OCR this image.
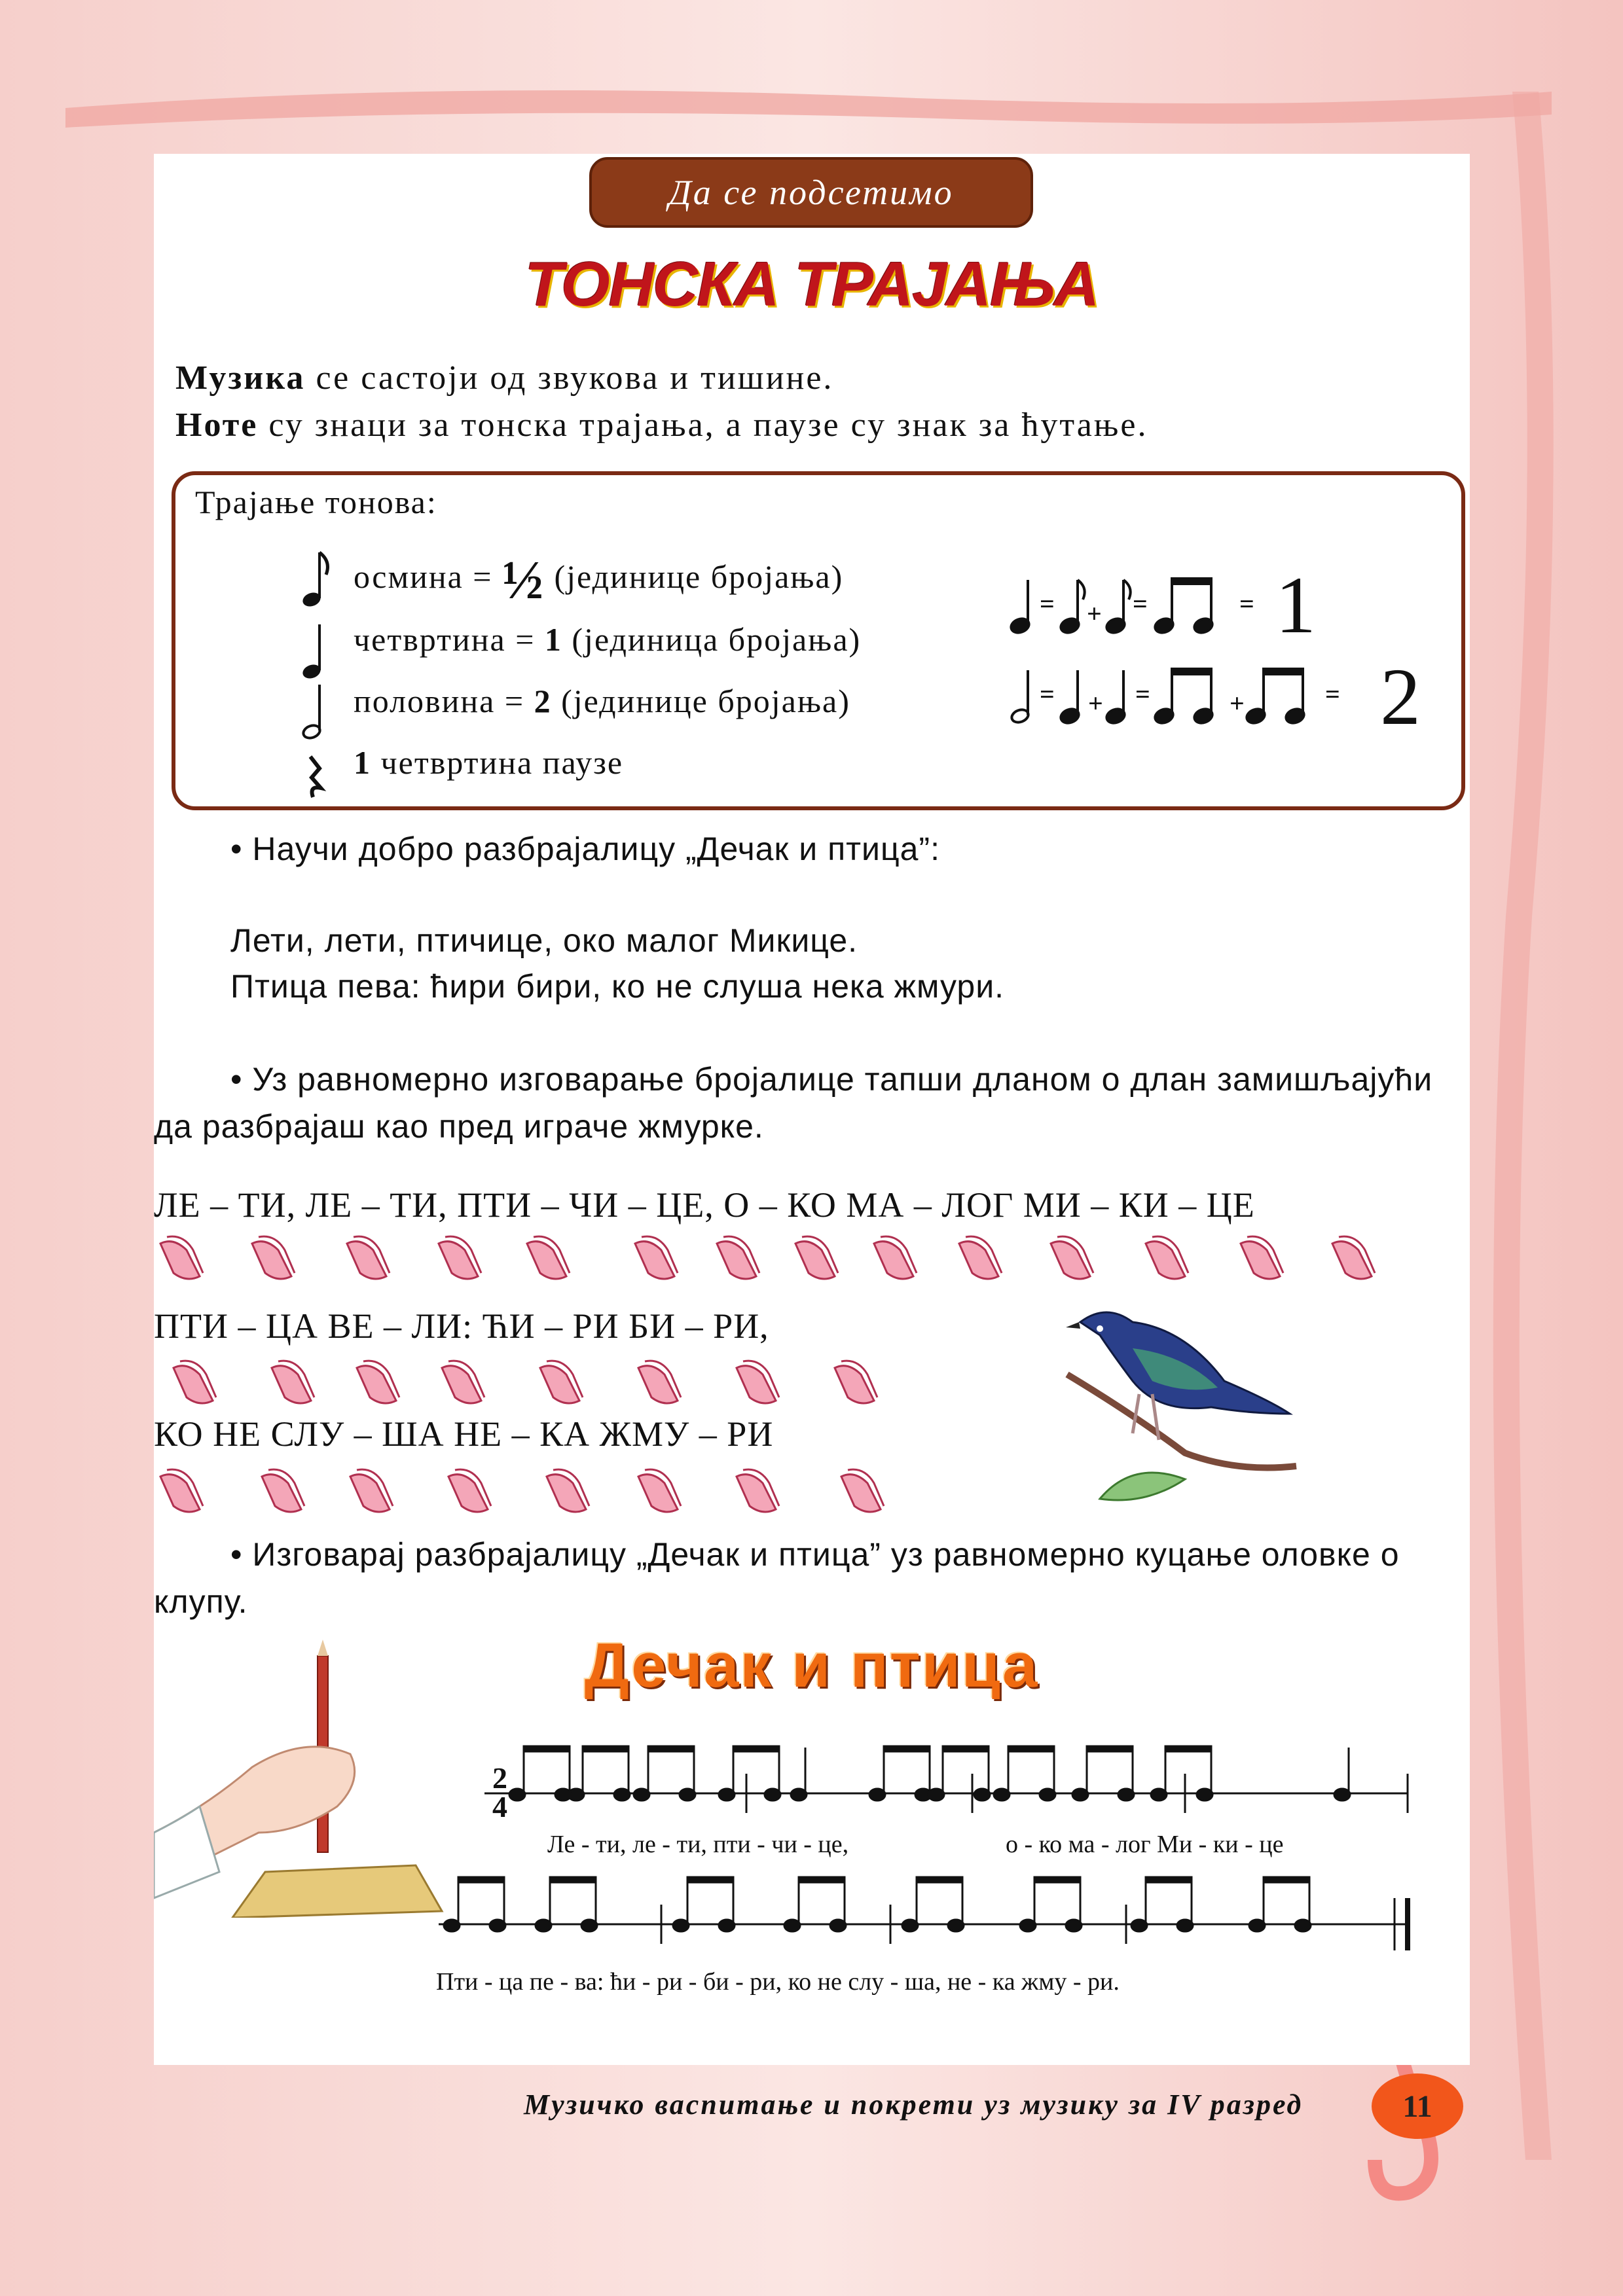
Да се подсетимо
ТОНСКА ТРАЈАЊА
Музика се састоји од звукова и тишине.
Ноте су знаци за тонска трајања, а паузе су знак за ћутање.
Трајање тонова:
осмина = ½ (јединице бројања)
четвртина = 1 (јединица бројања)
половина = 2 (јединице бројања)
1 четвртина паузе
= + =	=
= + =	+	=
1
2
• Научи добро разбрајалицу „Дечак и птица”:
Лети, лети, птичице, око малог Микице.
Птица пева: ћири бири, ко не слуша нека жмури.
• Уз равномерно изговарање бројалице тапши дланом о длан замишљајући
да разбрајаш као пред играче жмурке.
ЛЕ – ТИ, ЛЕ – ТИ, ПТИ – ЧИ – ЦЕ, О – КО МА – ЛОГ МИ – КИ – ЦЕ
ПТИ – ЦА ВЕ – ЛИ: ЋИ – РИ БИ – РИ,
КО НЕ СЛУ – ША НЕ – КА ЖМУ – РИ
• Изговарај разбрајалицу „Дечак и птица” уз равномерно куцање оловке о
клупу.
Дечак и птица
2
4
Ле - ти, ле - ти, пти - чи - це,	о - ко ма - лог Ми - ки - це
Пти - ца пе - ва: ћи - ри - би - ри, ко не слу - ша, не - ка жму - ри.
Музичко васпитање и покрети уз музику за IV разред	11
